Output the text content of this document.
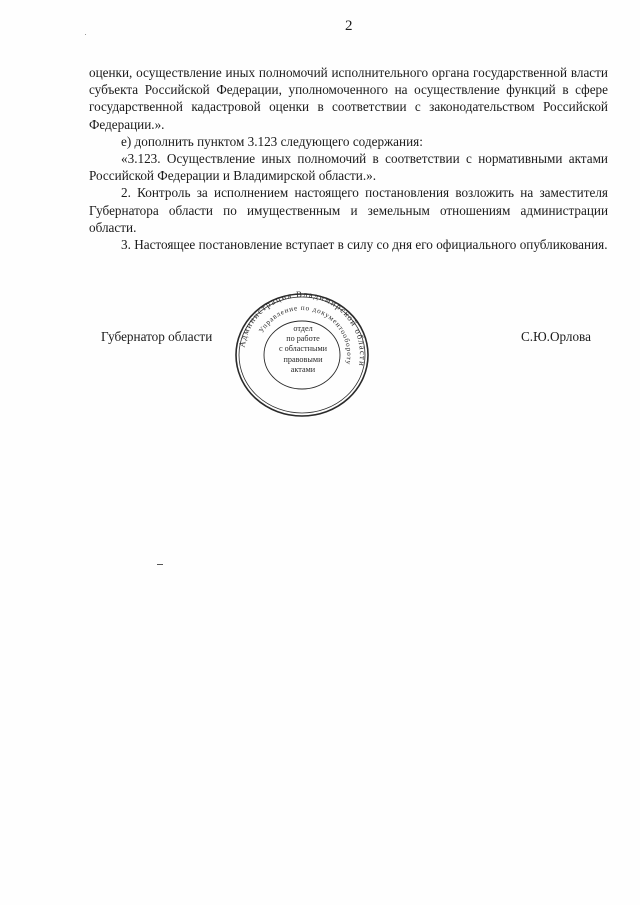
2

оценки, осуществление иных полномочий исполнительного органа государственной власти субъекта Российской Федерации, уполномоченного на осуществление функций в сфере государственной кадастровой оценки в соответствии с законодательством Российской Федерации.».

е) дополнить пунктом 3.123 следующего содержания:

«3.123. Осуществление иных полномочий в соответствии с нормативными актами Российской Федерации и Владимирской области.».

2. Контроль за исполнением настоящего постановления возложить на заместителя Губернатора области по имущественным и земельным отношениям администрации области.

3. Настоящее постановление вступает в силу со дня его официального опубликования.

Губернатор области	Администрация Владимирской области
Управление по документообороту
отдел
по работе
с областными
правовыми
актами
С.Ю.Орлова
